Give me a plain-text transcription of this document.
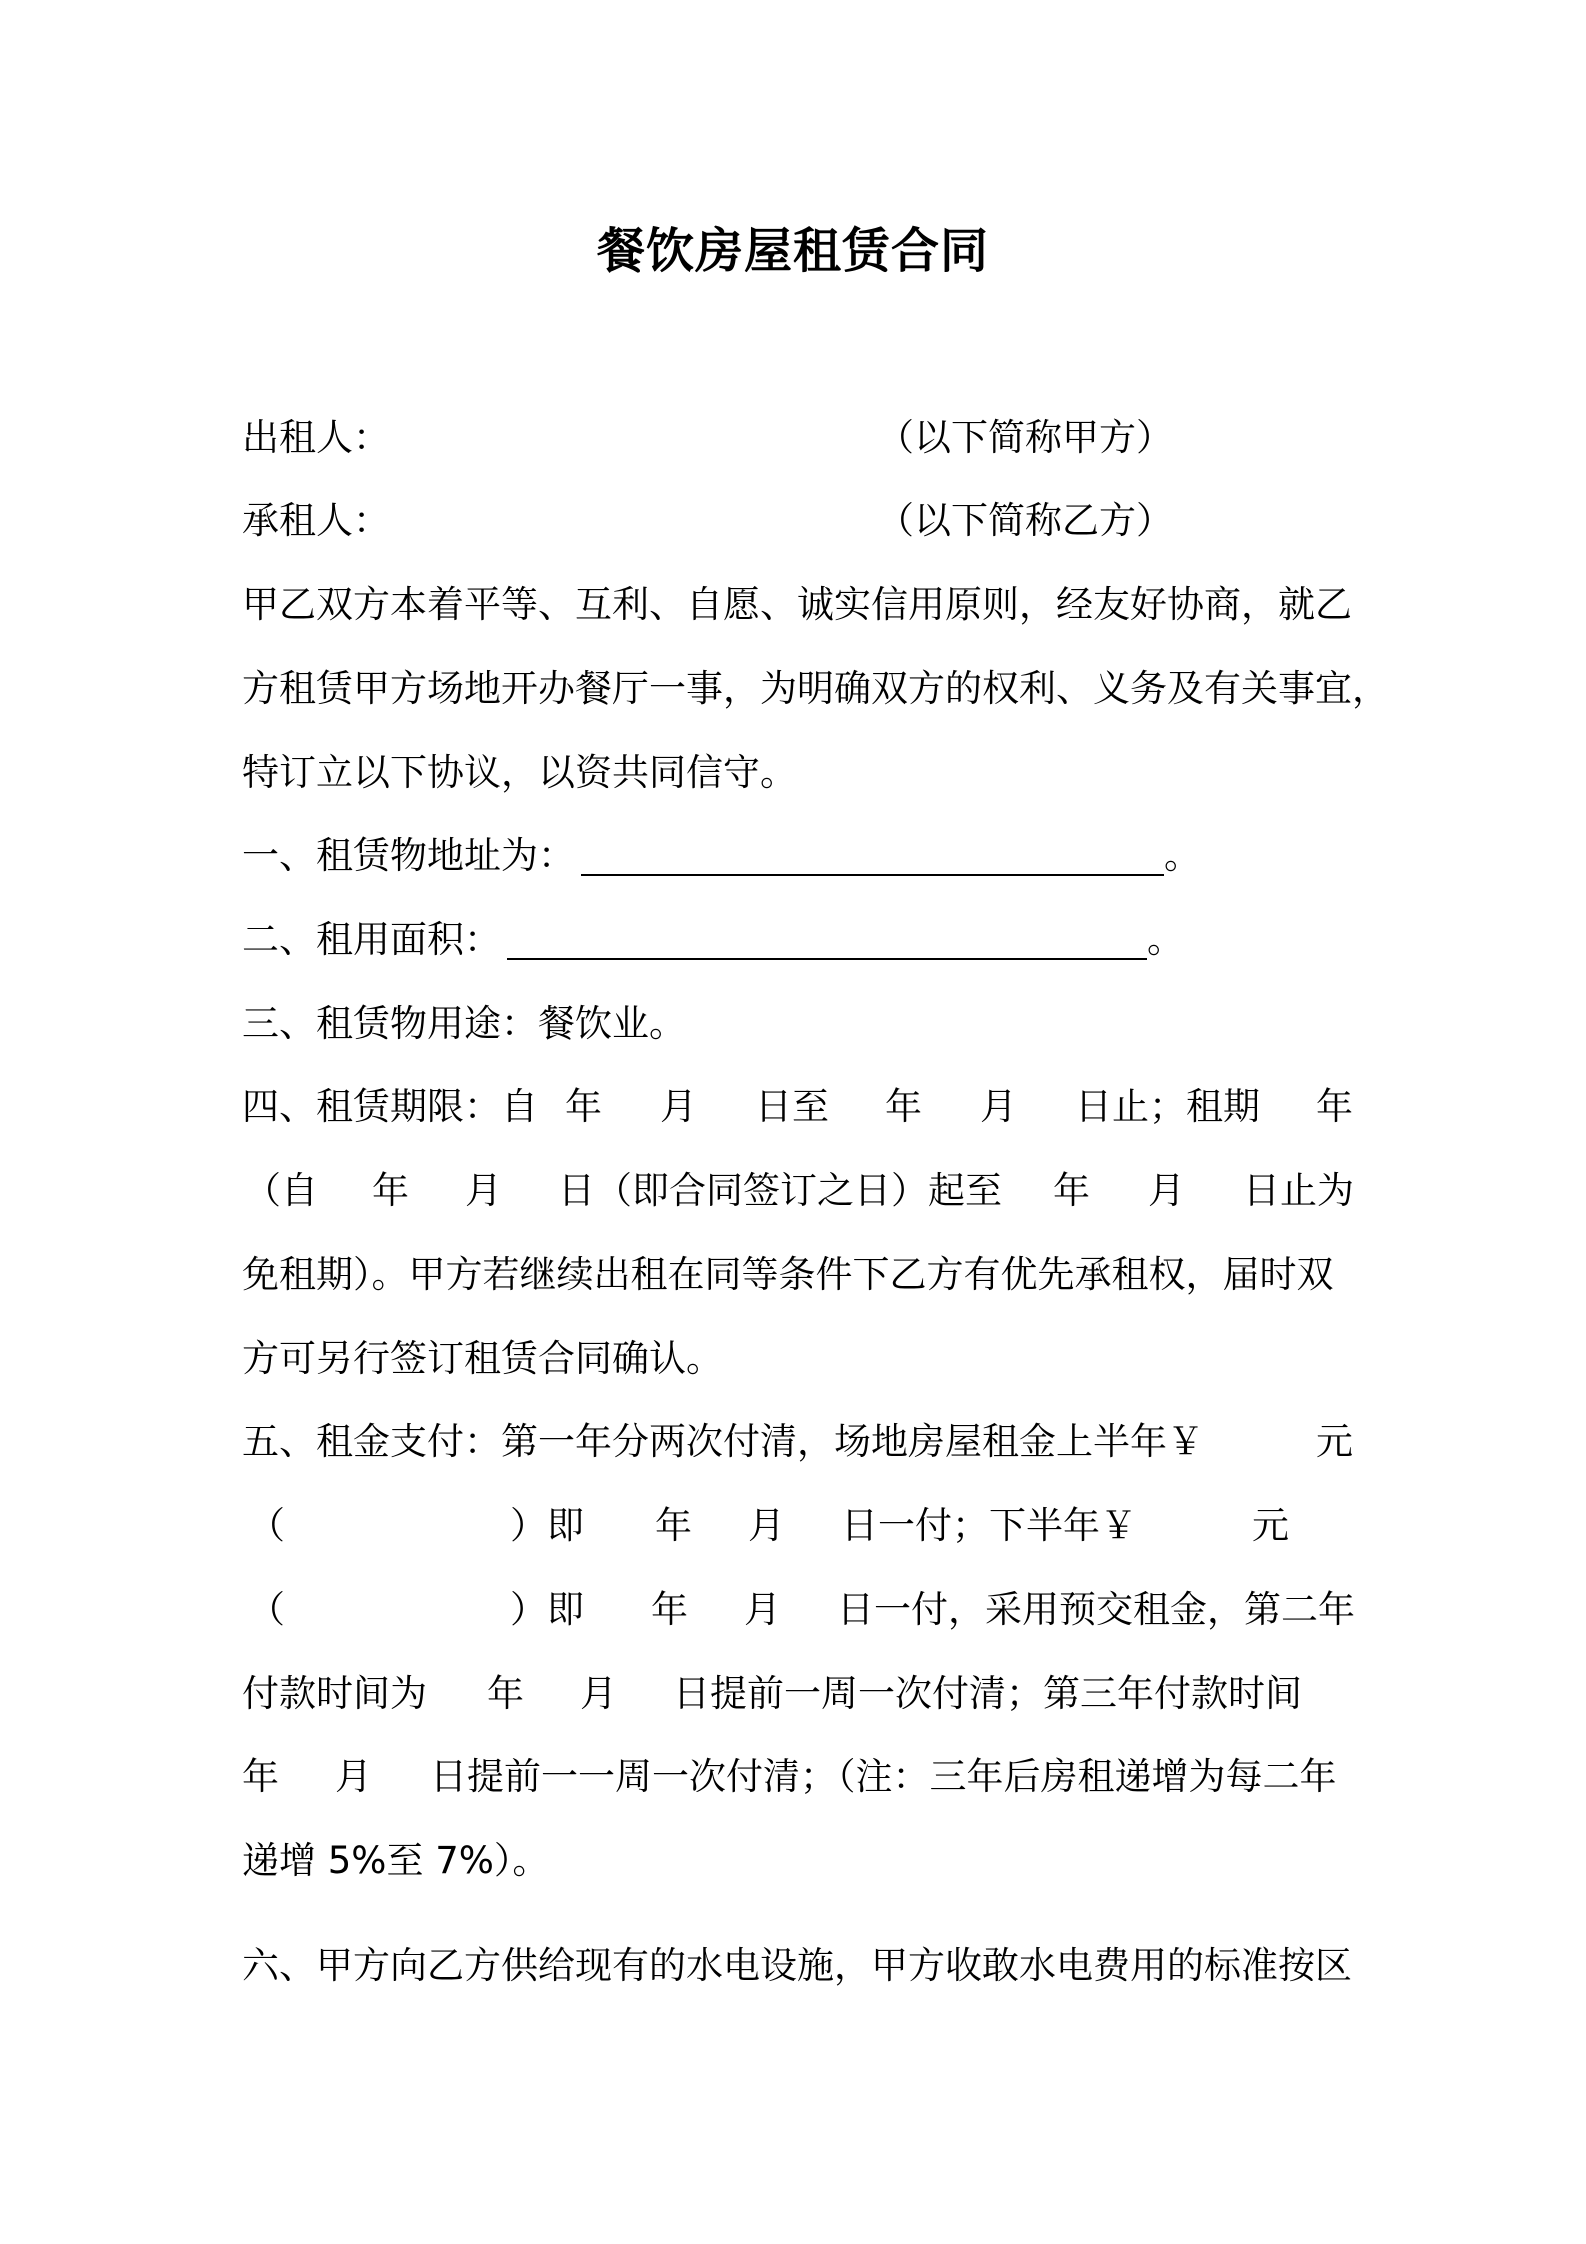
餐饮房屋租赁合同

出租人：

	（以下简称甲方）

承租人：

	（以下简称乙方）

甲乙双方本着平等、互利、自愿、诚实信用原则，经友好协商，就乙

方租赁甲方场地开办餐厅一事，为明确双方的权利、义务及有关事宜，

特订立以下协议，以资共同信守。

一、租赁物地址为：

	。

二、租用面积：

	。

三、租赁物用途：餐饮业。

四、租赁期限：自

年

月

日至

年

月

日止；租期

年

（自

年

月

日（即合同签订之日）起至

年

月

日止为

免租期）。甲方若继续出租在同等条件下乙方有优先承租权，届时双

方可另行签订租赁合同确认。

五、租金支付：第一年分两次付清，场地房屋租金上半年￥

	元

（

	）即

年

月

日一付；下半年￥

	元

（

	）即

年

月

日一付，采用预交租金，第二年

付款时间为

年

月

日提前一周一次付清；第三年付款时间

年

月

日提前一一周一次付清；（注：三年后房租递增为每二年

递增 5%至 7%）。

六、甲方向乙方供给现有的水电设施，甲方收敢水电费用的标准按区
